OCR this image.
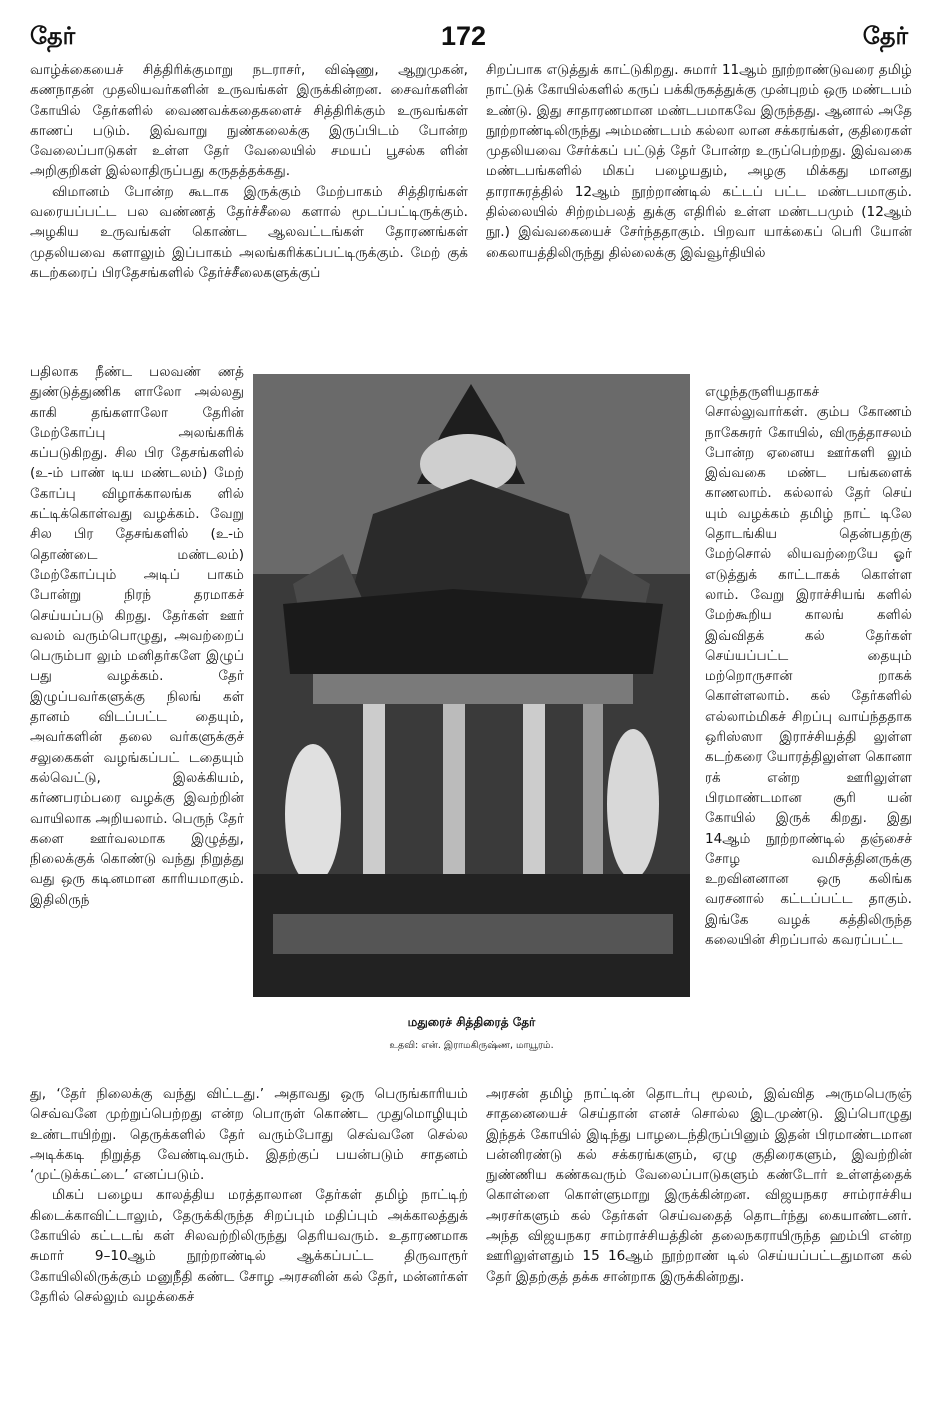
தேர்	172	தேர்

வாழ்க்கையைச் சித்திரிக்குமாறு நடராசர், விஷ்ணு, ஆறுமுகன், கணநாதன் முதலியவர்களின் உருவங்கள் இருக்கின்றன. சைவர்களின் கோயில் தேர்களில் வைணவக்கதைகளைச் சித்திரிக்கும் உருவங்கள் காணப் படும். இவ்வாறு நுண்கலைக்கு இருப்பிடம் போன்ற வேலைப்பாடுகள் உள்ள தேர் வேலையில் சமயப் பூசல்க ளின் அறிகுறிகள் இல்லாதிருப்பது கருதத்தக்கது.

விமானம் போன்ற கூடாக இருக்கும் மேற்பாகம் சித்திரங்கள் வரையப்பட்ட பல வண்ணத் தேர்ச்சீலை களால் மூடப்பட்டிருக்கும். அழகிய உருவங்கள் கொண்ட ஆலவட்டங்கள் தோரணங்கள் முதலியவை களாலும் இப்பாகம் அலங்கரிக்கப்பட்டிருக்கும். மேற் குக் கடற்கரைப் பிரதேசங்களில் தேர்ச்சீலைகளுக்குப்

பதிலாக நீண்ட பலவண் ணத் துண்டுத்துணிக ளாலோ அல்லது காகி தங்களாலோ தேரின் மேற்கோப்பு அலங்கரிக் கப்படுகிறது. சில பிர தேசங்களில் (உ-ம் பாண் டிய மண்டலம்) மேற் கோப்பு விழாக்காலங்க ளில் கட்டிக்கொள்வது வழக்கம். வேறு சில பிர தேசங்களில் (உ-ம் தொண்டை மண்டலம்) மேற்கோப்பும் அடிப் பாகம் போன்று நிரந் தரமாகச் செய்யப்படு கிறது. தேர்கள் ஊர் வலம் வரும்பொழுது, அவற்றைப் பெரும்பா லும் மனிதர்களே இழுப் பது வழக்கம். தேர் இழுப்பவர்களுக்கு நிலங் கள் தானம் விடப்பட்ட தையும், அவர்களின் தலை வர்களுக்குச் சலுகைகள் வழங்கப்பட் டதையும் கல்வெட்டு, இலக்கியம், கர்ணபரம்பரை வழக்கு இவற்றின் வாயிலாக அறியலாம். பெருந் தேர் களை ஊர்வலமாக இழுத்து, நிலைக்குக் கொண்டு வந்து நிறுத்து வது ஒரு கடினமான காரியமாகும். இதிலிருந்

து, ‘தேர் நிலைக்கு வந்து விட்டது.’ அதாவது ஒரு பெருங்காரியம் செவ்வனே முற்றுப்பெற்றது என்ற பொருள் கொண்ட முதுமொழியும் உண்டாயிற்று. தெருக்களில் தேர் வரும்போது செவ்வனே செல்ல அடிக்கடி நிறுத்த வேண்டிவரும். இதற்குப் பயன்படும் சாதனம் ‘முட்டுக்கட்டை’ எனப்படும்.

மிகப் பழைய காலத்திய மரத்தாலான தேர்கள் தமிழ் நாட்டிற் கிடைக்காவிட்டாலும், தேருக்கிருந்த சிறப்பும் மதிப்பும் அக்காலத்துக் கோயில் கட்டடங் கள் சிலவற்றிலிருந்து தெரியவரும். உதாரணமாக சுமார் 9–10ஆம் நூற்றாண்டில் ஆக்கப்பட்ட திருவாரூர் கோயிலிலிருக்கும் மனுநீதி கண்ட சோழ அரசனின் கல் தேர், மன்னர்கள் தேரில் செல்லும் வழக்கைச்

சிறப்பாக எடுத்துக் காட்டுகிறது. சுமார் 11ஆம் நூற்றாண்டுவரை தமிழ் நாட்டுக் கோயில்களில் கருப் பக்கிருகத்துக்கு முன்புறம் ஒரு மண்டபம் உண்டு. இது சாதாரணமான மண்டபமாகவே இருந்தது. ஆனால் அதே நூற்றாண்டிலிருந்து அம்மண்டபம் கல்லா லான சக்கரங்கள், குதிரைகள் முதலியவை சேர்க்கப் பட்டுத் தேர் போன்ற உருப்பெற்றது. இவ்வகை மண்டபங்களில் மிகப் பழையதும், அழகு மிக்கது மானது தாராசுரத்தில் 12ஆம் நூற்றாண்டில் கட்டப் பட்ட மண்டபமாகும். தில்லையில் சிற்றம்பலத் துக்கு எதிரில் உள்ள மண்டபமும் (12ஆம் நூ.) இவ்வகையைச் சேர்ந்ததாகும். பிறவா யாக்கைப் பெரி யோன் கைலாயத்திலிருந்து தில்லைக்கு இவ்வூர்தியில்

எழுந்தருளியதாகச் சொல்லுவார்கள். கும்ப கோணம் நாகேசுரர் கோயில், விருத்தாசலம் போன்ற ஏனைய ஊர்களி லும் இவ்வகை மண்ட பங்களைக் காணலாம். கல்லால் தேர் செய் யும் வழக்கம் தமிழ் நாட் டிலே தொடங்கிய தென்பதற்கு மேற்சொல் லியவற்றையே ஓர் எடுத்துக் காட்டாகக் கொள்ள லாம். வேறு இராச்சியங் களில் மேற்கூறிய காலங் களில் இவ்விதக் கல் தேர்கள் செய்யப்பட்ட தையும் மற்றொருசான் றாகக் கொள்ளலாம். கல் தேர்களில் எல்லாம்மிகச் சிறப்பு வாய்ந்ததாக ஒரிஸ்ஸா இராச்சியத்தி லுள்ள கடற்கரை யோரத்திலுள்ள கொனா ரக் என்ற ஊரிலுள்ள பிரமாண்டமான சூரி யன் கோயில் இருக் கிறது. இது 14ஆம் நூற்றாண்டில் தஞ்சைச் சோழ வமிசத்தினருக்கு உறவினனான ஒரு கலிங்க வரசனால் கட்டப்பட்ட தாகும். இங்கே வழக் கத்திலிருந்த கலையின் சிறப்பால் கவரப்பட்ட

அரசன் தமிழ் நாட்டின் தொடர்பு மூலம், இவ்வித அருமபெருஞ் சாதனையைச் செய்தான் எனச் சொல்ல இடமுண்டு. இப்பொழுது இந்தக் கோயில் இடிந்து பாழடைந்திருப்பினும் இதன் பிரமாண்டமான பன்னிரண்டு கல் சக்கரங்களும், ஏழு குதிரைகளும், இவற்றின் நுண்ணிய கண்கவரும் வேலைப்பாடுகளும் கண்டோர் உள்ளத்தைக் கொள்ளை கொள்ளுமாறு இருக்கின்றன. விஜயநகர சாம்ராச்சிய அரசர்களும் கல் தேர்கள் செய்வதைத் தொடர்ந்து கையாண்டனர். அந்த விஜயநகர சாம்ராச்சியத்தின் தலைநகராயிருந்த ஹம்பி என்ற ஊரிலுள்ளதும் 15 16ஆம் நூற்றாண் டில் செய்யப்பட்டதுமான கல் தேர் இதற்குத் தக்க சான்றாக இருக்கின்றது.

மதுரைச் சித்திரைத் தேர்
உதவி: என். இராமகிருஷ்ண, மாயூரம்.
